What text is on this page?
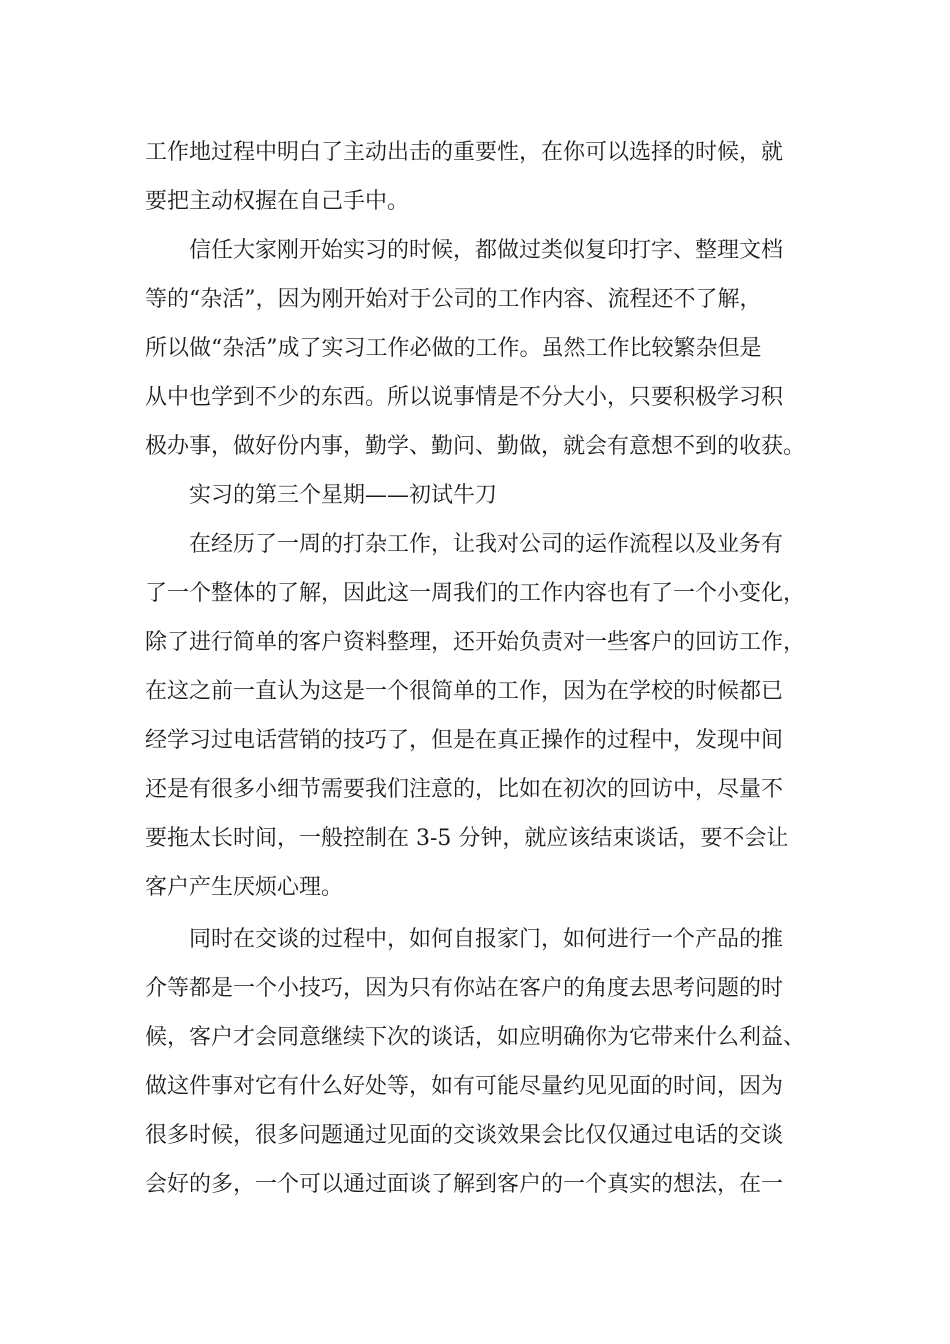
工作地过程中明白了主动出击的重要性，在你可以选择的时候，就
要把主动权握在自己手中。
信任大家刚开始实习的时候，都做过类似复印打字、整理文档
等的“杂活”，因为刚开始对于公司的工作内容、流程还不了解，
所以做“杂活”成了实习工作必做的工作。虽然工作比较繁杂但是
从中也学到不少的东西。所以说事情是不分大小，只要积极学习积
极办事，做好份内事，勤学、勤问、勤做，就会有意想不到的收获。
实习的第三个星期——初试牛刀
在经历了一周的打杂工作，让我对公司的运作流程以及业务有
了一个整体的了解，因此这一周我们的工作内容也有了一个小变化，
除了进行简单的客户资料整理，还开始负责对一些客户的回访工作，
在这之前一直认为这是一个很简单的工作，因为在学校的时候都已
经学习过电话营销的技巧了，但是在真正操作的过程中，发现中间
还是有很多小细节需要我们注意的，比如在初次的回访中，尽量不
要拖太长时间，一般控制在 3-5 分钟，就应该结束谈话，要不会让
客户产生厌烦心理。
同时在交谈的过程中，如何自报家门，如何进行一个产品的推
介等都是一个小技巧，因为只有你站在客户的角度去思考问题的时
候，客户才会同意继续下次的谈话，如应明确你为它带来什么利益、
做这件事对它有什么好处等，如有可能尽量约见见面的时间，因为
很多时候，很多问题通过见面的交谈效果会比仅仅通过电话的交谈
会好的多，一个可以通过面谈了解到客户的一个真实的想法，在一
